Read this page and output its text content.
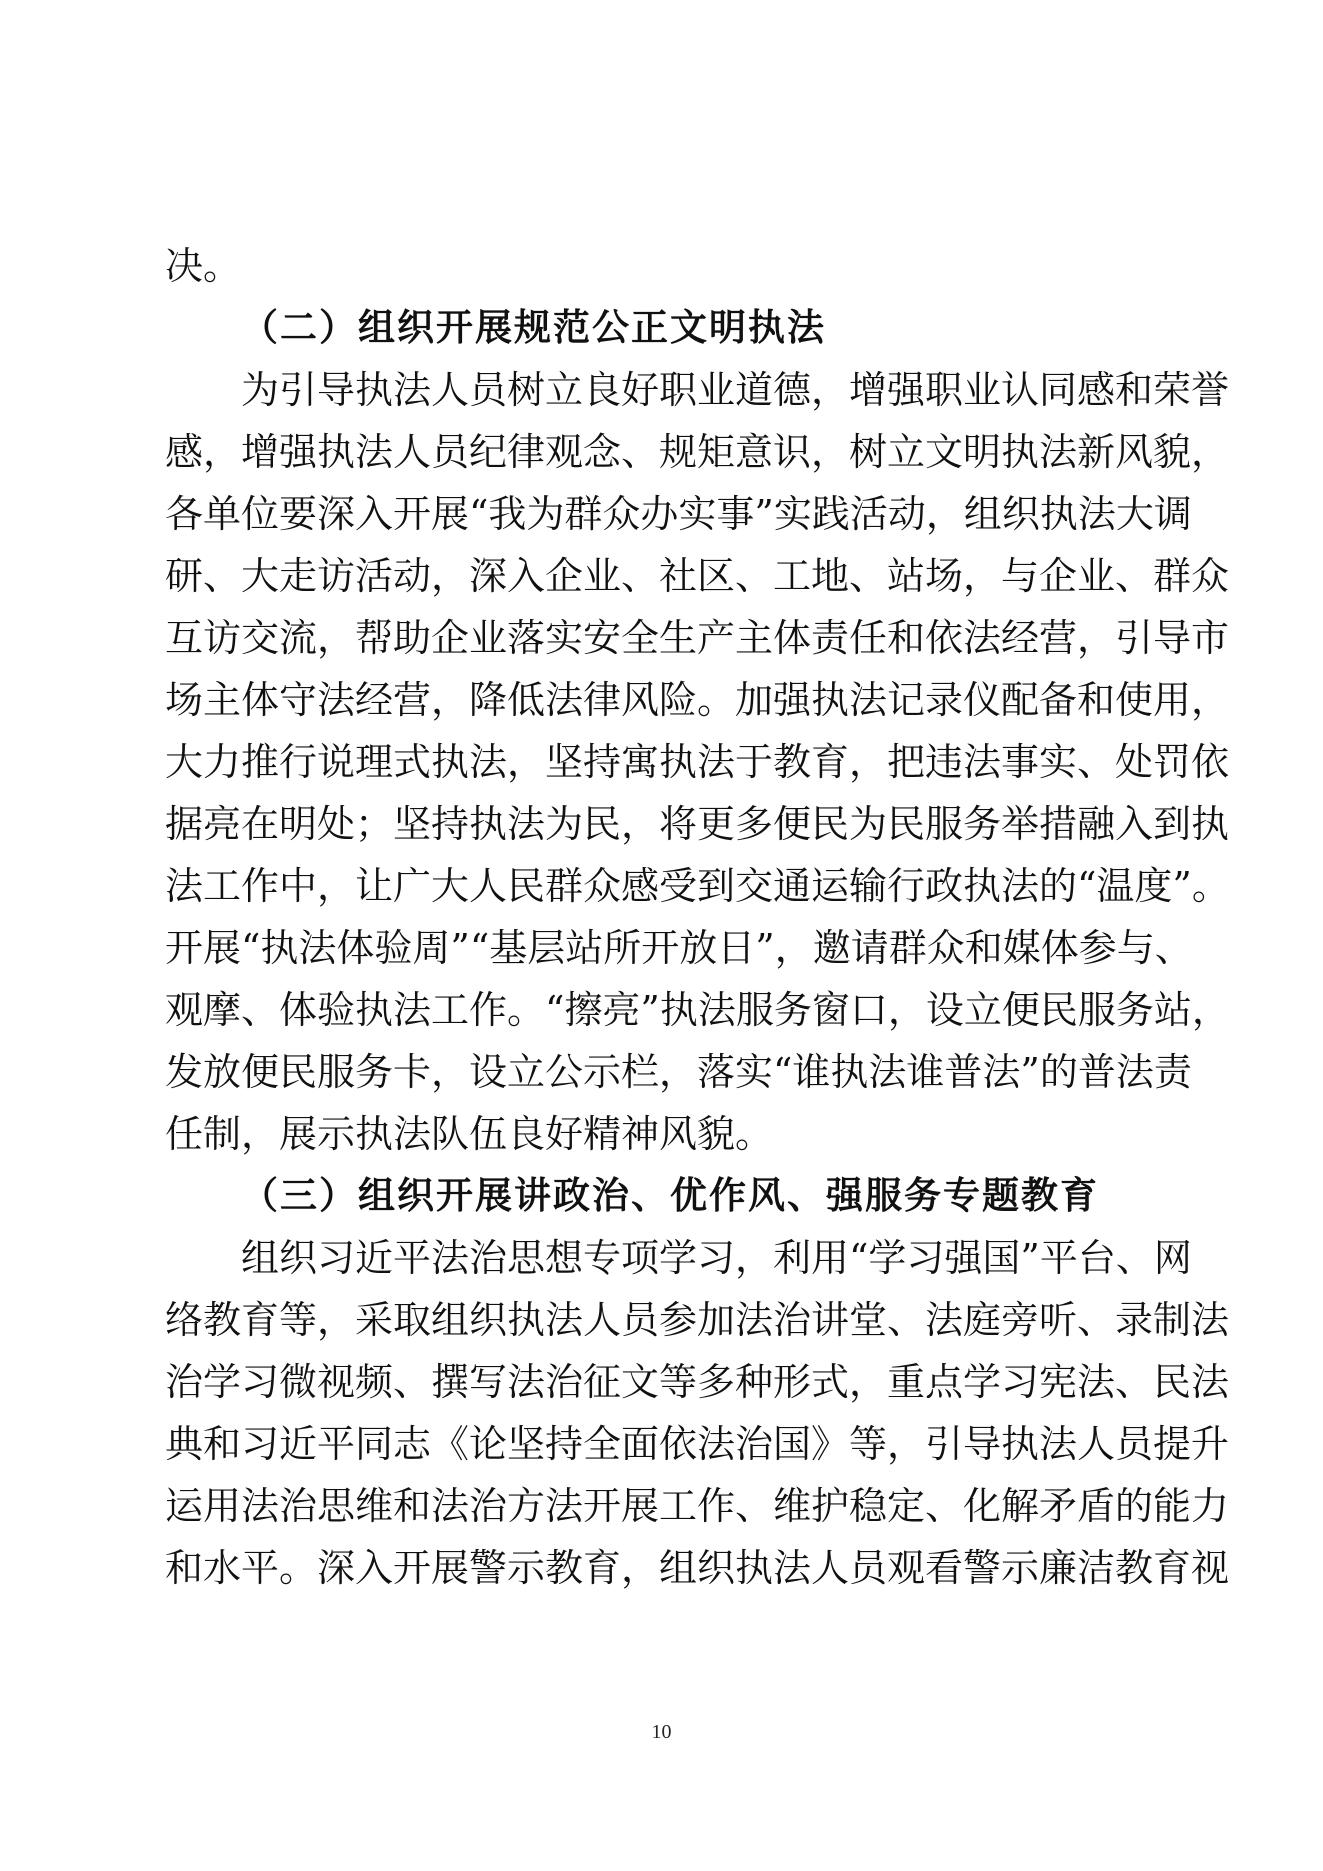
决。
（二）组织开展规范公正文明执法
为引导执法人员树立良好职业道德，增强职业认同感和荣誉
感，增强执法人员纪律观念、规矩意识，树立文明执法新风貌，
各单位要深入开展“我为群众办实事”实践活动，组织执法大调
研、大走访活动，深入企业、社区、工地、站场，与企业、群众
互访交流，帮助企业落实安全生产主体责任和依法经营，引导市
场主体守法经营，降低法律风险。加强执法记录仪配备和使用，
大力推行说理式执法，坚持寓执法于教育，把违法事实、处罚依
据亮在明处；坚持执法为民，将更多便民为民服务举措融入到执
法工作中，让广大人民群众感受到交通运输行政执法的“温度”。
开展“执法体验周”“基层站所开放日”，邀请群众和媒体参与、
观摩、体验执法工作。“擦亮”执法服务窗口，设立便民服务站，
发放便民服务卡，设立公示栏，落实“谁执法谁普法”的普法责
任制，展示执法队伍良好精神风貌。
（三）组织开展讲政治、优作风、强服务专题教育
组织习近平法治思想专项学习，利用“学习强国”平台、网
络教育等，采取组织执法人员参加法治讲堂、法庭旁听、录制法
治学习微视频、撰写法治征文等多种形式，重点学习宪法、民法
典和习近平同志《论坚持全面依法治国》等，引导执法人员提升
运用法治思维和法治方法开展工作、维护稳定、化解矛盾的能力
和水平。深入开展警示教育，组织执法人员观看警示廉洁教育视
10
